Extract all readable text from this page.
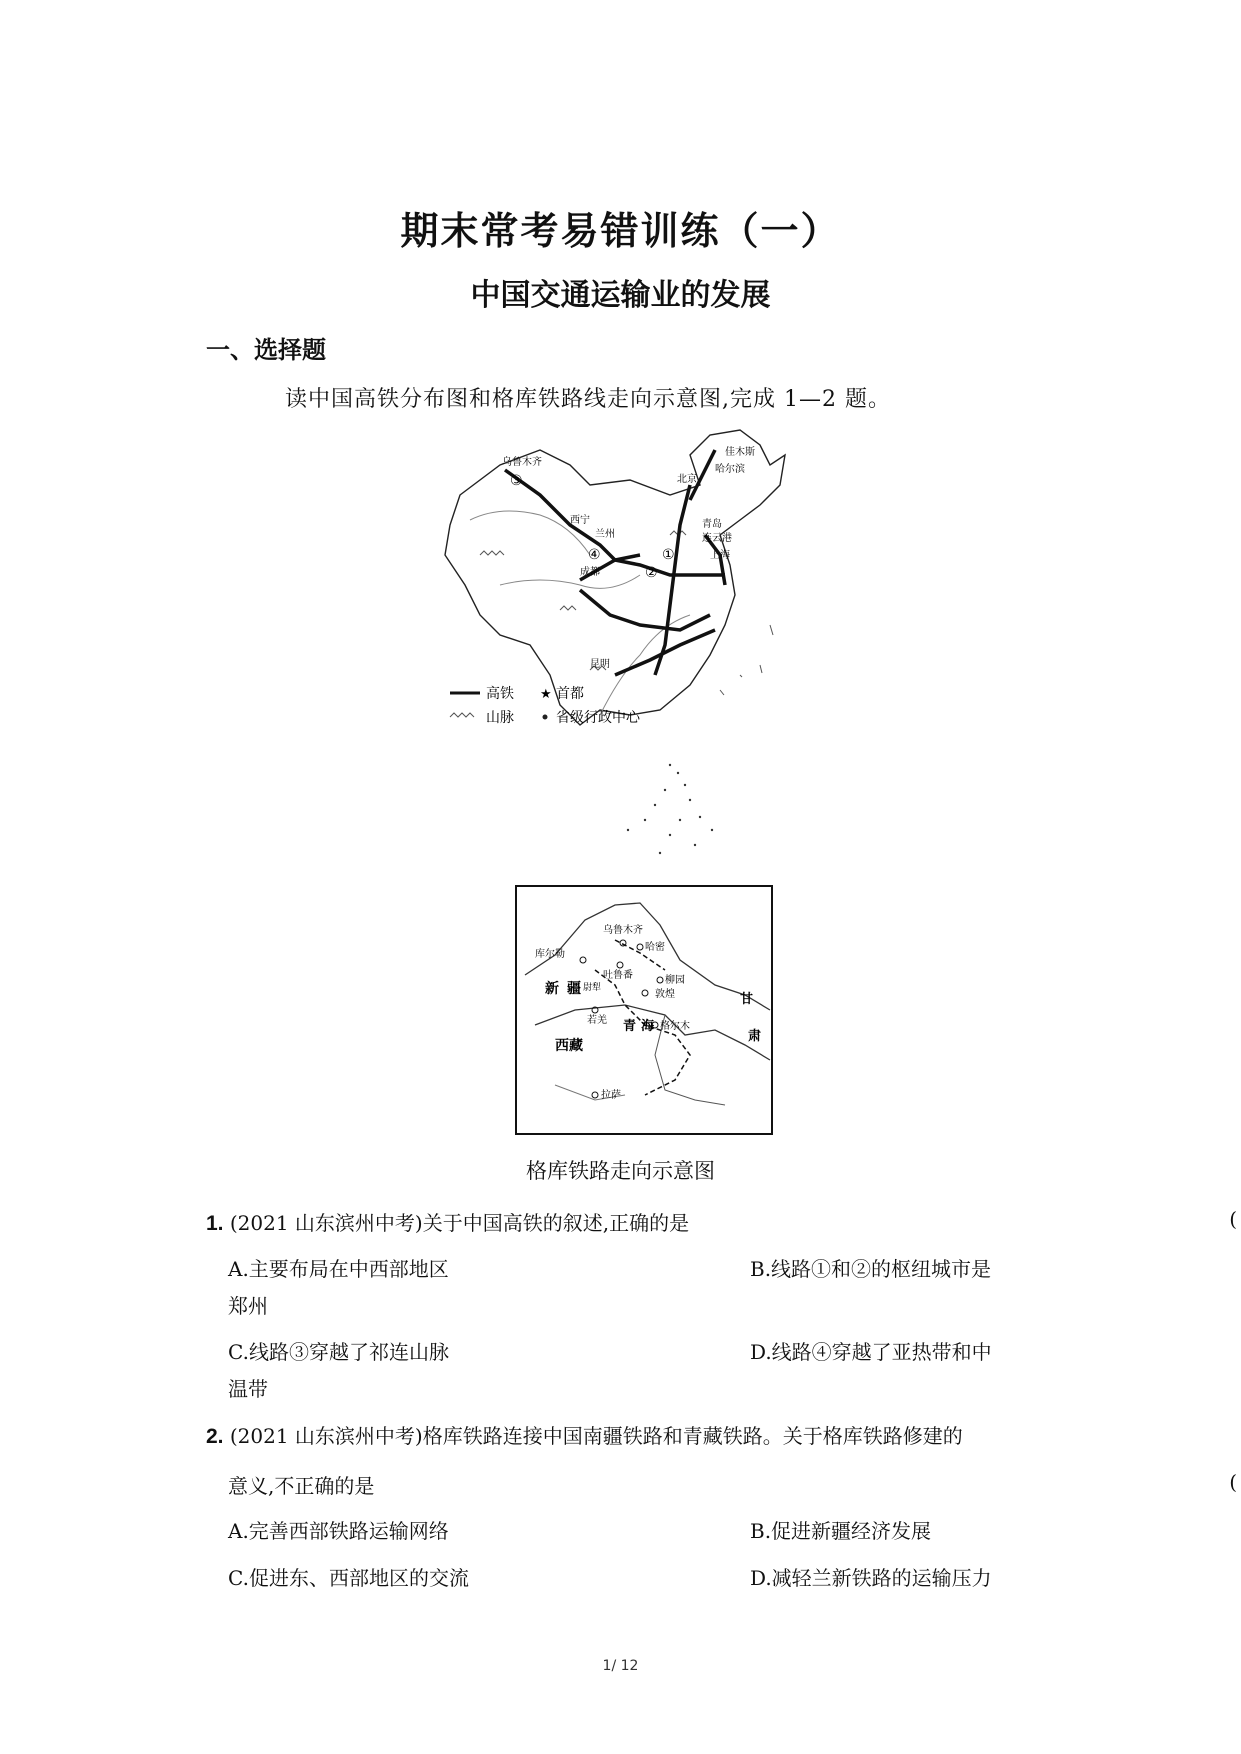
期末常考易错训练（一）
中国交通运输业的发展
一、选择题
读中国高铁分布图和格库铁路线走向示意图,完成 1—2 题。
乌鲁木齐
佳木斯
哈尔滨
北京
西宁
兰州
青岛
连云港
上海
成都
昆明
③
④	①
②
高铁 ★ 首都
山脉	省级行政中心
乌鲁木齐
库尔勒
哈密
吐鲁番	柳园
敦煌
若羌
格尔木
拉萨
新 疆
西藏
青 海
甘
肃
尉犁
格库铁路走向示意图
1. (2021 山东滨州中考)关于中国高铁的叙述,正确的是	(
A.主要布局在中西部地区	B.线路①和②的枢纽城市是
郑州
C.线路③穿越了祁连山脉	D.线路④穿越了亚热带和中
温带
2. (2021 山东滨州中考)格库铁路连接中国南疆铁路和青藏铁路。关于格库铁路修建的
意义,不正确的是	(
A.完善西部铁路运输网络	B.促进新疆经济发展
C.促进东、西部地区的交流	D.减轻兰新铁路的运输压力
1/ 12
